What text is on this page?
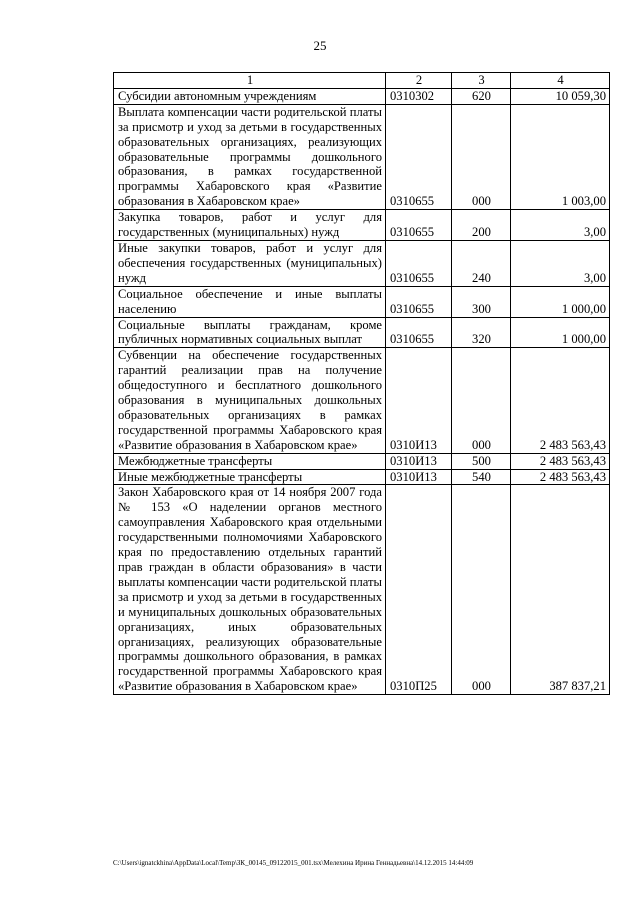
25
1	2	3	4
Субсидии автономным учреждениям	0310302	620	10 059,30
Выплата компенсации части родительской платы за присмотр и уход за детьми в государственных образовательных организациях, реализующих образовательные программы дошкольного образования, в рамках государственной программы Хабаровского края «Развитие образования в Хабаровском крае»	0310655	000	1 003,00
Закупка товаров, работ и услуг для государственных (муниципальных) нужд	0310655	200	3,00
Иные закупки товаров, работ и услуг для обеспечения государственных (муниципальных) нужд	0310655	240	3,00
Социальное обеспечение и иные выплаты населению	0310655	300	1 000,00
Социальные выплаты гражданам, кроме публичных нормативных социальных выплат	0310655	320	1 000,00
Субвенции на обеспечение государственных гарантий реализации прав на получение общедоступного и бесплатного дошкольного образования в муниципальных дошкольных образовательных организациях в рамках государственной программы Хабаровского края «Развитие образования в Хабаровском крае»	0310И13	000	2 483 563,43
Межбюджетные трансферты	0310И13	500	2 483 563,43
Иные межбюджетные трансферты	0310И13	540	2 483 563,43
Закон Хабаровского края от 14 ноября 2007 года № 153 «О наделении органов местного самоуправления Хабаровского края отдельными государственными полномочиями Хабаровского края по предоставлению отдельных гарантий прав граждан в области образования» в части выплаты компенсации части родительской платы за присмотр и уход за детьми в государственных и муниципальных дошкольных образовательных организациях, иных образовательных организациях, реализующих образовательные программы дошкольного образования, в рамках государственной программы Хабаровского края «Развитие образования в Хабаровском крае»	0310П25	000	387 837,21
C:\Users\ignatckhina\AppData\Local\Temp\ЗК_00145_09122015_001.tsx\Мелехина Ирина Геннадьевна\14.12.2015 14:44:09
